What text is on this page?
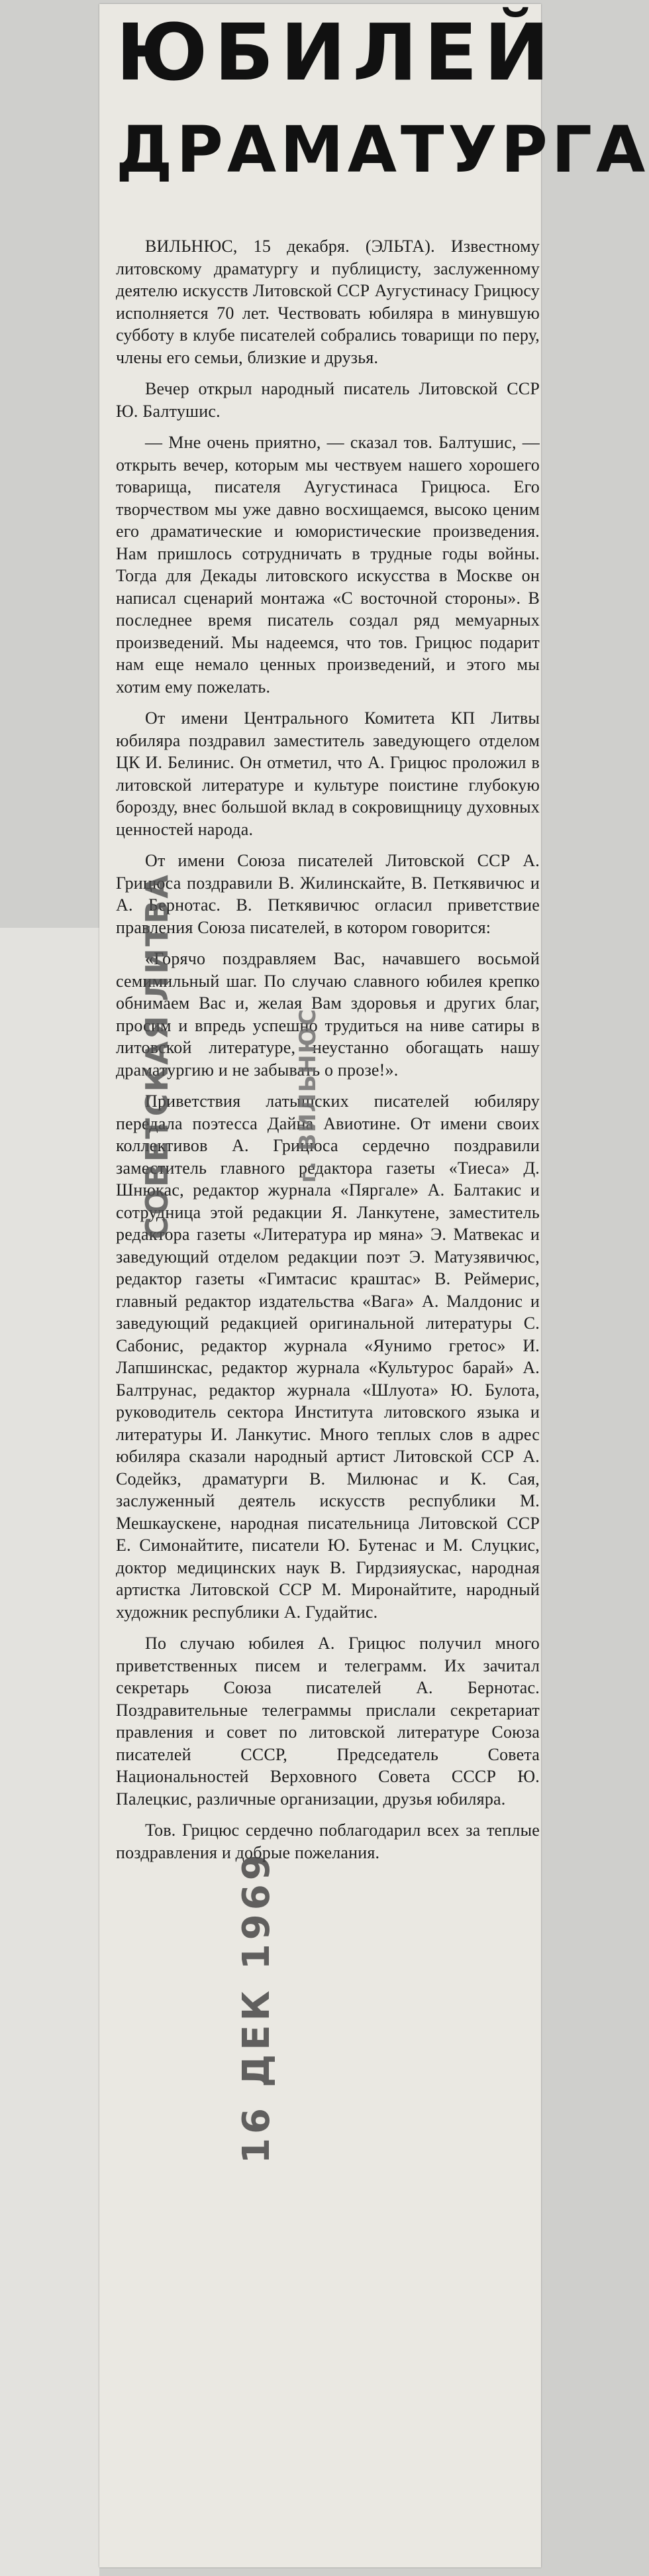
ЮБИЛЕЙ
ДРАМАТУРГА

ВИЛЬНЮС, 15 декабря. (ЭЛЬТА). Известному литовскому драматургу и публицисту, заслуженному деятелю искусств Литовской ССР Аугустинасу Грицюсу исполняется 70 лет. Чествовать юбиляра в минувшую субботу в клубе писателей собрались товарищи по перу, члены его семьи, близкие и друзья.

Вечер открыл народный писатель Литовской ССР Ю. Балтушис.

— Мне очень приятно, — сказал тов. Балтушис, — открыть вечер, которым мы чествуем нашего хорошего товарища, писателя Аугустинаса Грицюса. Его творчеством мы уже давно восхищаемся, высоко ценим его драматические и юмористические произведения. Нам пришлось сотрудничать в трудные годы войны. Тогда для Декады литовского искусства в Москве он написал сценарий монтажа «С восточной стороны». В последнее время писатель создал ряд мемуарных произведений. Мы надеемся, что тов. Грицюс подарит нам еще немало ценных произведений, и этого мы хотим ему пожелать.

От имени Центрального Комитета КП Литвы юбиляра поздравил заместитель заведующего отделом ЦК И. Белинис. Он отметил, что А. Грицюс проложил в литовской литературе и культуре поистине глубокую борозду, внес большой вклад в сокровищницу духовных ценностей народа.

От имени Союза писателей Литовской ССР А. Грицюса поздравили В. Жилинскайте, В. Петкявичюс и А. Бернотас. В. Петкявичюс огласил приветствие правления Союза писателей, в котором говорится:

«Горячо поздравляем Вас, начавшего восьмой семимильный шаг. По случаю славного юбилея крепко обнимаем Вас и, желая Вам здоровья и других благ, просим и впредь успешно трудиться на ниве сатиры в литовской литературе, неустанно обогащать нашу драматургию и не забывать о прозе!».

Приветствия латышских писателей юбиляру передала поэтесса Дайна Авиотине. От имени своих коллективов А. Грицюса сердечно поздравили заместитель главного редактора газеты «Тиеса» Д. Шнюкас, редактор журнала «Пяргале» А. Балтакис и сотрудница этой редакции Я. Ланкутене, заместитель редактора газеты «Литература ир мяна» Э. Матвекас и заведующий отделом редакции поэт Э. Матузявичюс, редактор газеты «Гимтасис краштас» В. Реймерис, главный редактор издательства «Вага» А. Малдонис и заведующий редакцией оригинальной литературы С. Сабонис, редактор журнала «Яунимо гретос» И. Лапшинскас, редактор журнала «Культурос барай» А. Балтрунас, редактор журнала «Шлуота» Ю. Булота, руководитель сектора Института литовского языка и литературы И. Ланкутис. Много теплых слов в адрес юбиляра сказали народный артист Литовской ССР А. Содейкз, драматурги В. Милюнас и К. Сая, заслуженный деятель искусств республики М. Мешкаускене, народная писательница Литовской ССР Е. Симонайтите, писатели Ю. Бутенас и М. Слуцкис, доктор медицинских наук В. Гирдзияускас, народная артистка Литовской ССР М. Миронайтите, народный художник республики А. Гудайтис.

По случаю юбилея А. Грицюс получил много приветственных писем и телеграмм. Их зачитал секретарь Союза писателей А. Бернотас. Поздравительные телеграммы прислали секретариат правления и совет по литовской литературе Союза писателей СССР, Председатель Совета Национальностей Верховного Совета СССР Ю. Палецкис, различные организации, друзья юбиляра.

Тов. Грицюс сердечно поблагодарил всех за теплые поздравления и добрые пожелания.

СОВЕТСКАЯ ЛИТВА	г. ВИЛЬНЮС
16 ДЕК 1969
